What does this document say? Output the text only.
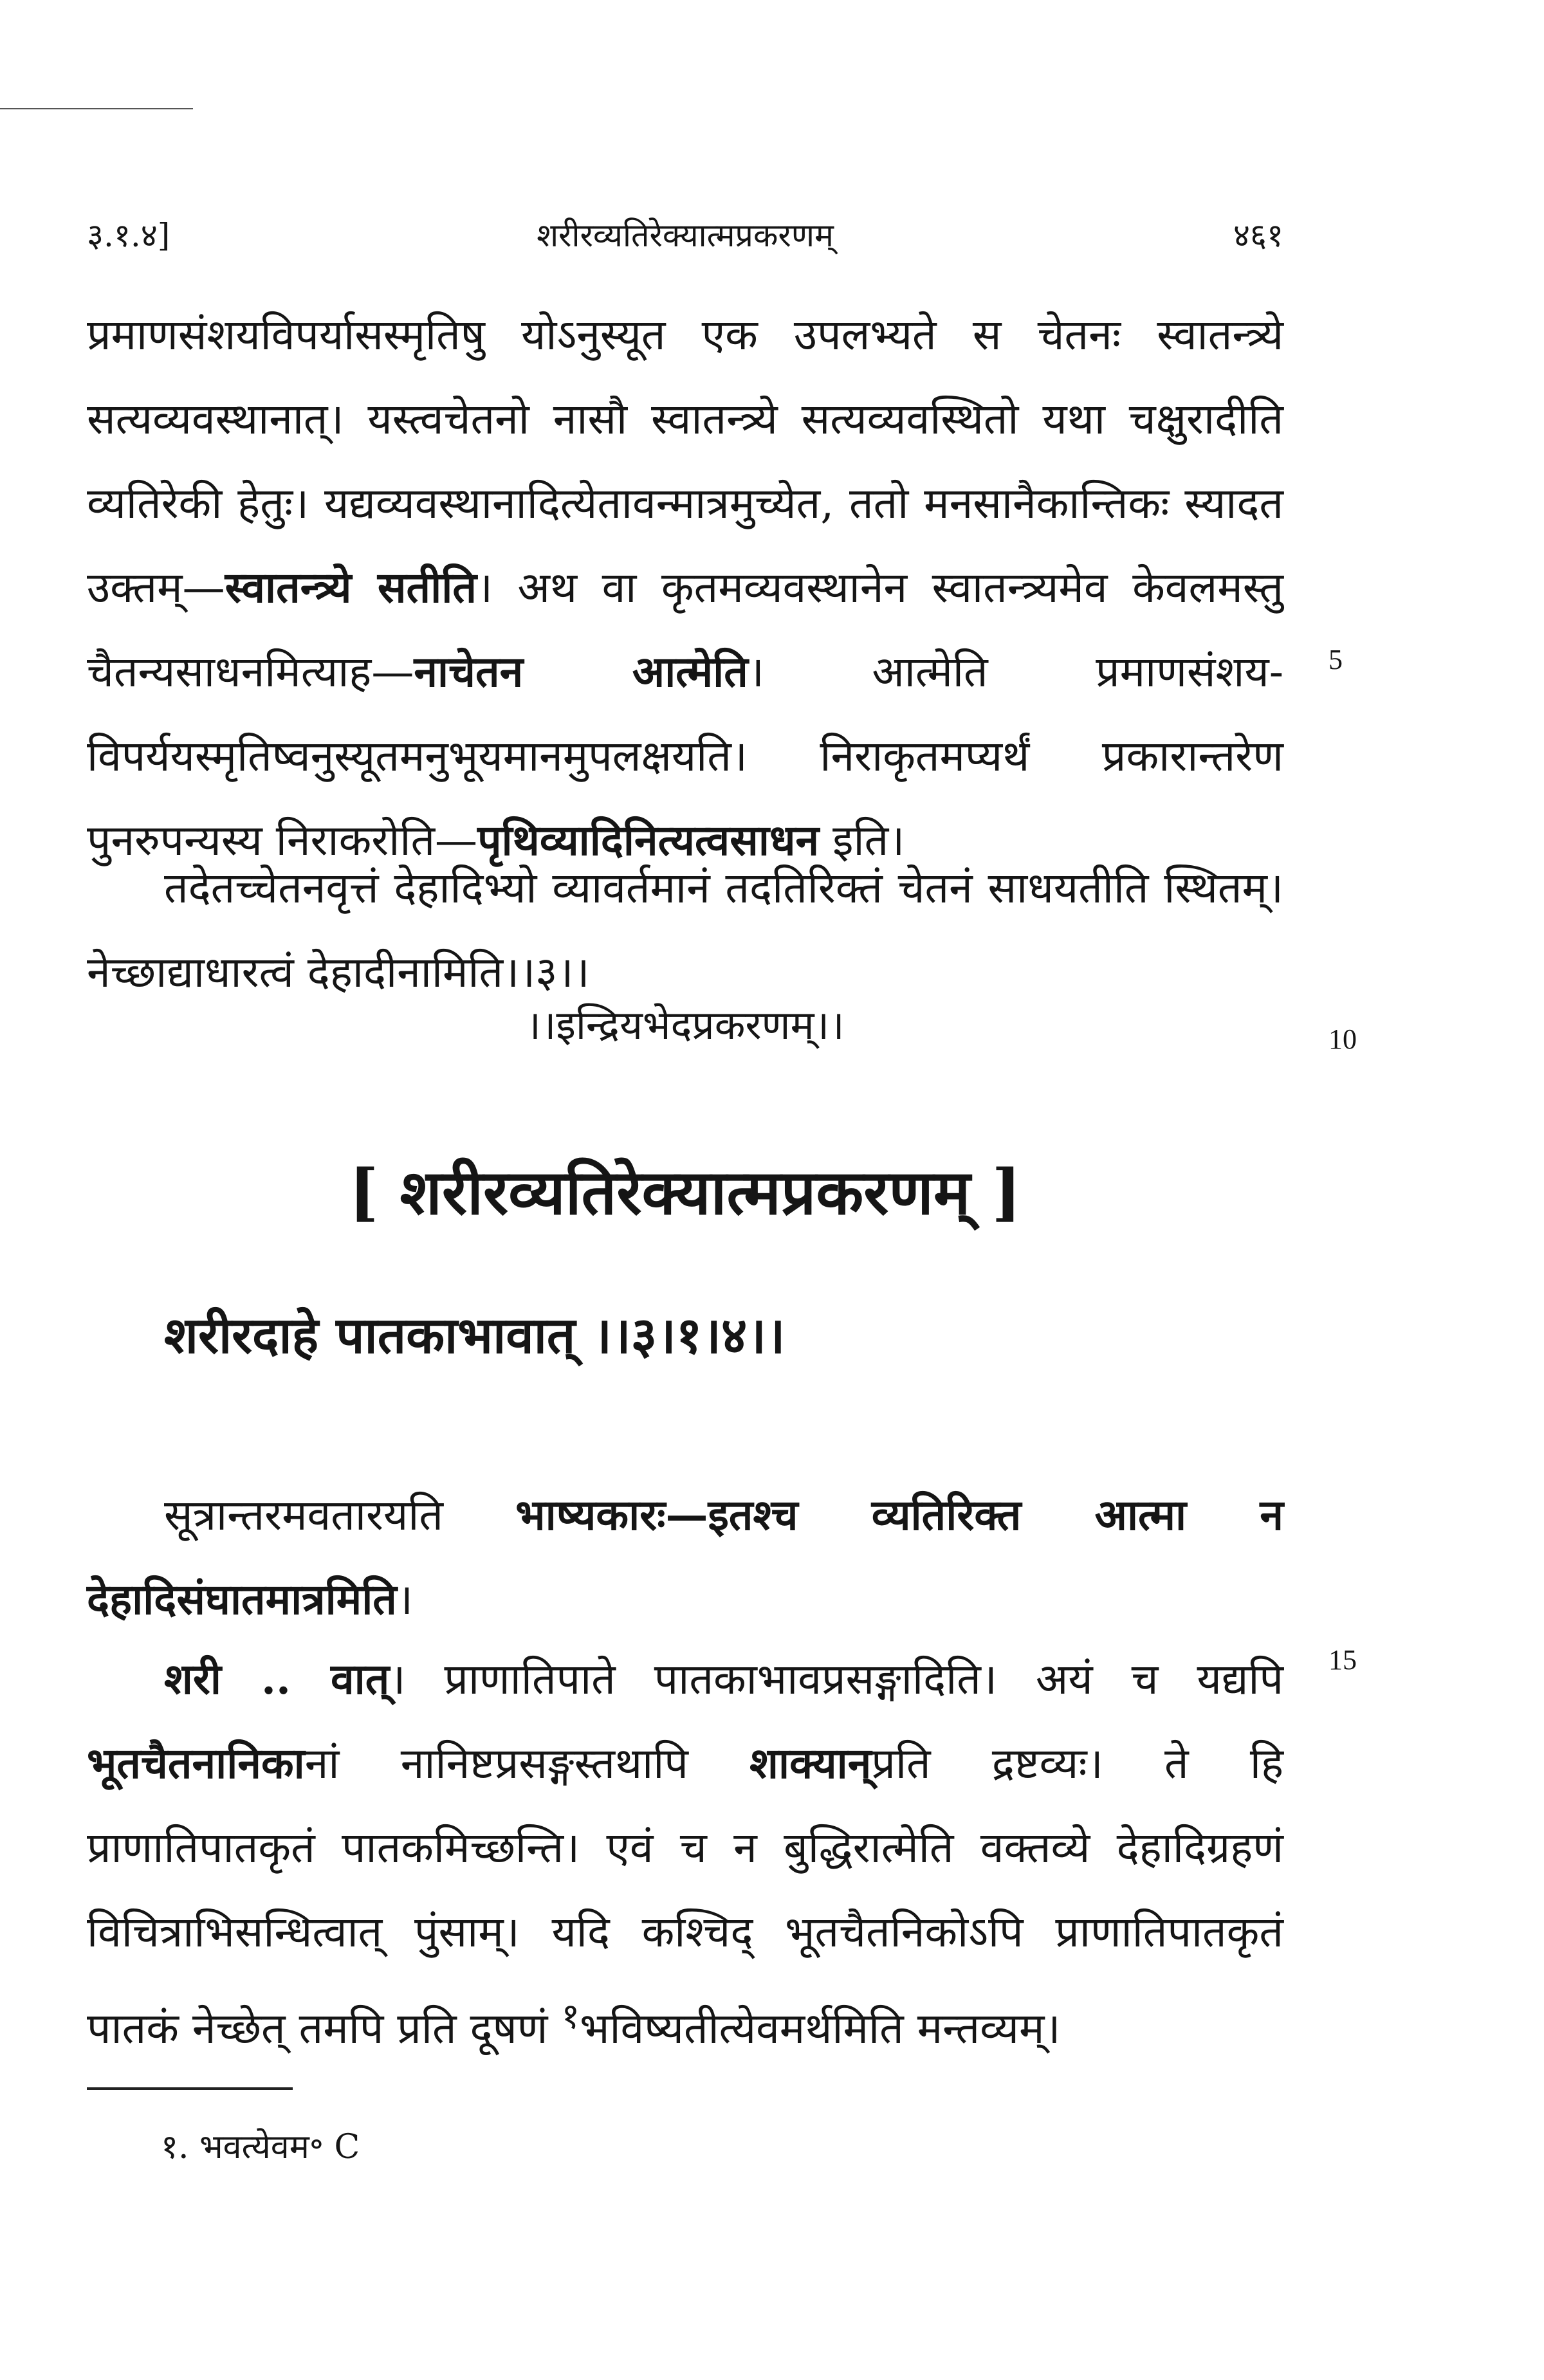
३.१.४]	शरीरव्यतिरेक्यात्मप्रकरणम्	४६१

प्रमाणसंशयविपर्यासस्मृतिषु योऽनुस्यूत एक उपलभ्यते स चेतनः स्वातन्त्र्ये सत्यव्यवस्थानात्। यस्त्वचेतनो नासौ स्वातन्त्र्ये सत्यव्यवस्थितो यथा चक्षुरादीति व्यतिरेकी हेतुः। यद्यव्यवस्थानादित्येतावन्मात्रमुच्येत, ततो मनसानैकान्तिकः स्यादत उक्तम्—स्वातन्त्र्ये सतीति। अथ वा कृतमव्यवस्थानेन स्वातन्त्र्यमेव केवलमस्तु चैतन्यसाधनमित्याह—नाचेतन आत्मेति। आत्मेति प्रमाणसंशय-विपर्ययस्मृतिष्वनुस्यूतमनुभूयमानमुपलक्षयति। निराकृतमप्यर्थं प्रकारान्तरेण पुनरुपन्यस्य निराकरोति—पृथिव्यादिनित्यत्वसाधन इति।

तदेतच्चेतनवृत्तं देहादिभ्यो व्यावर्तमानं तदतिरिक्तं चेतनं साधयतीति स्थितम्। नेच्छाद्याधारत्वं देहादीनामिति।।३।।

।।इन्द्रियभेदप्रकरणम्।।
5
10
15
[ शरीरव्यतिरेक्यात्मप्रकरणम् ]
शरीरदाहे पातकाभावात् ।।३।१।४।।

सूत्रान्तरमवतारयति भाष्यकारः—इतश्च व्यतिरिक्त आत्मा न देहादिसंघातमात्रमिति।

शरी .. वात्। प्राणातिपाते पातकाभावप्रसङ्गादिति। अयं च यद्यपि भूतचैतनानिकानां नानिष्टप्रसङ्गस्तथापि शाक्यान्प्रति द्रष्टव्यः। ते हि प्राणातिपातकृतं पातकमिच्छन्ति। एवं च न बुद्धिरात्मेति वक्तव्ये देहादिग्रहणं विचित्राभिसन्धित्वात् पुंसाम्। यदि कश्चिद् भूतचैतनिकोऽपि प्राणातिपातकृतं पातकं नेच्छेत् तमपि प्रति दूषणं $^१$भविष्यतीत्येवमर्थमिति मन्तव्यम्।

१. भवत्येवम॰ C
